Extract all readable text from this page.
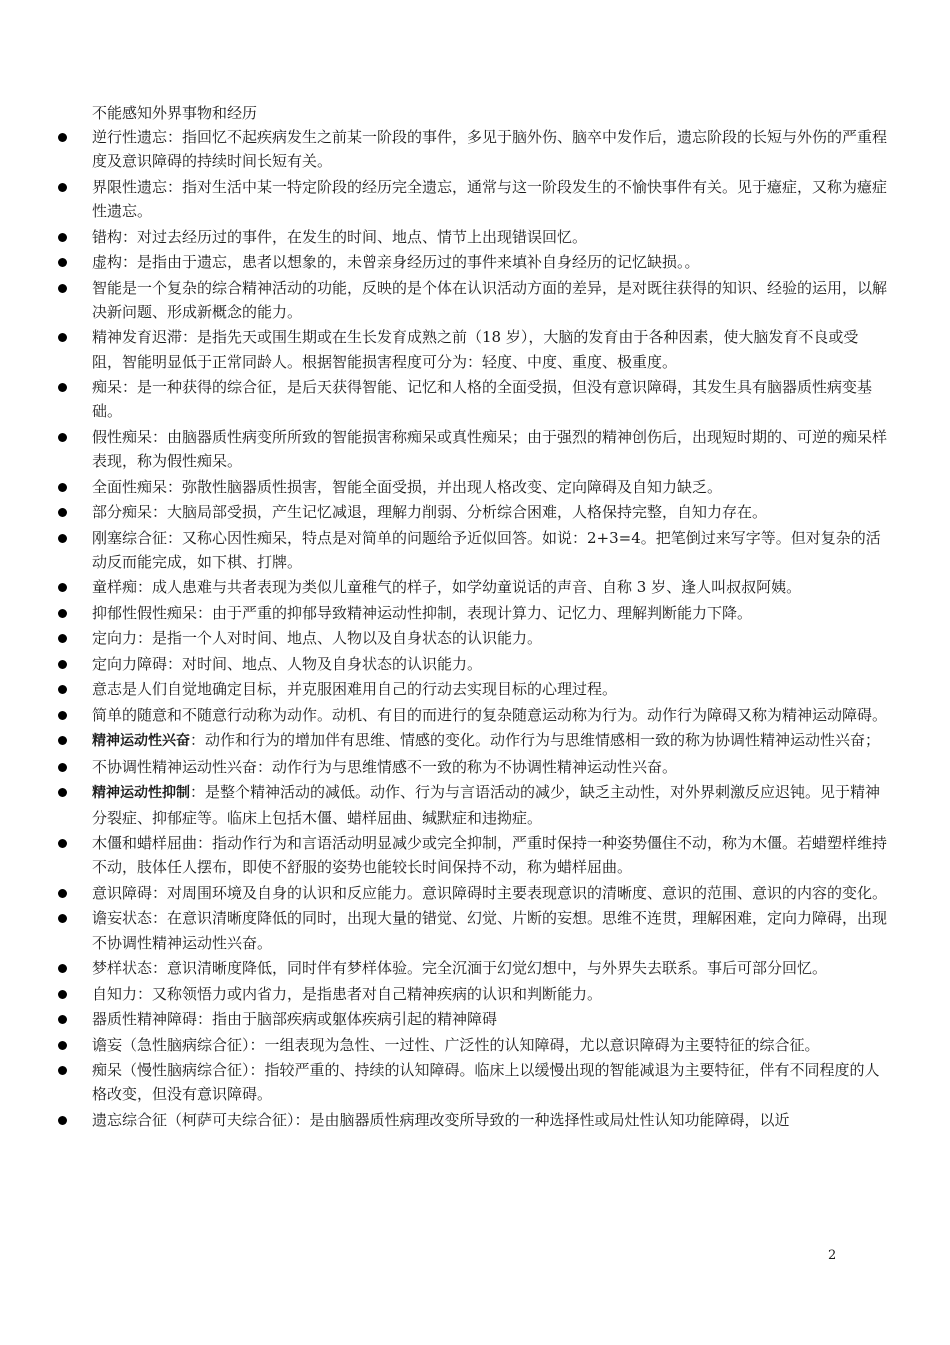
不能感知外界事物和经历

逆行性遗忘：指回忆不起疾病发生之前某一阶段的事件，多见于脑外伤、脑卒中发作后，遗忘阶段的长短与外伤的严重程度及意识障碍的持续时间长短有关。
界限性遗忘：指对生活中某一特定阶段的经历完全遗忘，通常与这一阶段发生的不愉快事件有关。见于癔症，又称为癔症性遗忘。
错构：对过去经历过的事件，在发生的时间、地点、情节上出现错误回忆。
虚构：是指由于遗忘，患者以想象的，未曾亲身经历过的事件来填补自身经历的记忆缺损。。
智能是一个复杂的综合精神活动的功能，反映的是个体在认识活动方面的差异，是对既往获得的知识、经验的运用，以解决新问题、形成新概念的能力。
精神发育迟滞：是指先天或围生期或在生长发育成熟之前（18 岁），大脑的发育由于各种因素，使大脑发育不良或受阻，智能明显低于正常同龄人。根据智能损害程度可分为：轻度、中度、重度、极重度。
痴呆：是一种获得的综合征，是后天获得智能、记忆和人格的全面受损，但没有意识障碍，其发生具有脑器质性病变基础。
假性痴呆：由脑器质性病变所所致的智能损害称痴呆或真性痴呆；由于强烈的精神创伤后，出现短时期的、可逆的痴呆样表现，称为假性痴呆。
全面性痴呆：弥散性脑器质性损害，智能全面受损，并出现人格改变、定向障碍及自知力缺乏。
部分痴呆：大脑局部受损，产生记忆减退，理解力削弱、分析综合困难，人格保持完整，自知力存在。
刚塞综合征：又称心因性痴呆，特点是对简单的问题给予近似回答。如说：2+3=4。把笔倒过来写字等。但对复杂的活动反而能完成，如下棋、打牌。
童样痴：成人患难与共者表现为类似儿童稚气的样子，如学幼童说话的声音、自称 3 岁、逢人叫叔叔阿姨。
抑郁性假性痴呆：由于严重的抑郁导致精神运动性抑制，表现计算力、记忆力、理解判断能力下降。
定向力：是指一个人对时间、地点、人物以及自身状态的认识能力。
定向力障碍：对时间、地点、人物及自身状态的认识能力。
意志是人们自觉地确定目标，并克服困难用自己的行动去实现目标的心理过程。
简单的随意和不随意行动称为动作。动机、有目的而进行的复杂随意运动称为行为。动作行为障碍又称为精神运动障碍。
精神运动性兴奋：动作和行为的增加伴有思维、情感的变化。动作行为与思维情感相一致的称为协调性精神运动性兴奋；
不协调性精神运动性兴奋：动作行为与思维情感不一致的称为不协调性精神运动性兴奋。
精神运动性抑制：是整个精神活动的减低。动作、行为与言语活动的减少，缺乏主动性，对外界刺激反应迟钝。见于精神分裂症、抑郁症等。临床上包括木僵、蜡样屈曲、缄默症和违拗症。
木僵和蜡样屈曲：指动作行为和言语活动明显减少或完全抑制，严重时保持一种姿势僵住不动，称为木僵。若蜡塑样维持不动，肢体任人摆布，即使不舒服的姿势也能较长时间保持不动，称为蜡样屈曲。
意识障碍：对周围环境及自身的认识和反应能力。意识障碍时主要表现意识的清晰度、意识的范围、意识的内容的变化。
谵妄状态：在意识清晰度降低的同时，出现大量的错觉、幻觉、片断的妄想。思维不连贯，理解困难，定向力障碍，出现不协调性精神运动性兴奋。
梦样状态：意识清晰度降低，同时伴有梦样体验。完全沉湎于幻觉幻想中，与外界失去联系。事后可部分回忆。
自知力：又称领悟力或内省力，是指患者对自己精神疾病的认识和判断能力。
器质性精神障碍：指由于脑部疾病或躯体疾病引起的精神障碍
谵妄（急性脑病综合征）：一组表现为急性、一过性、广泛性的认知障碍，尤以意识障碍为主要特征的综合征。
痴呆（慢性脑病综合征）：指较严重的、持续的认知障碍。临床上以缓慢出现的智能减退为主要特征，伴有不同程度的人格改变，但没有意识障碍。
遗忘综合征（柯萨可夫综合征）：是由脑器质性病理改变所导致的一种选择性或局灶性认知功能障碍，以近
2
